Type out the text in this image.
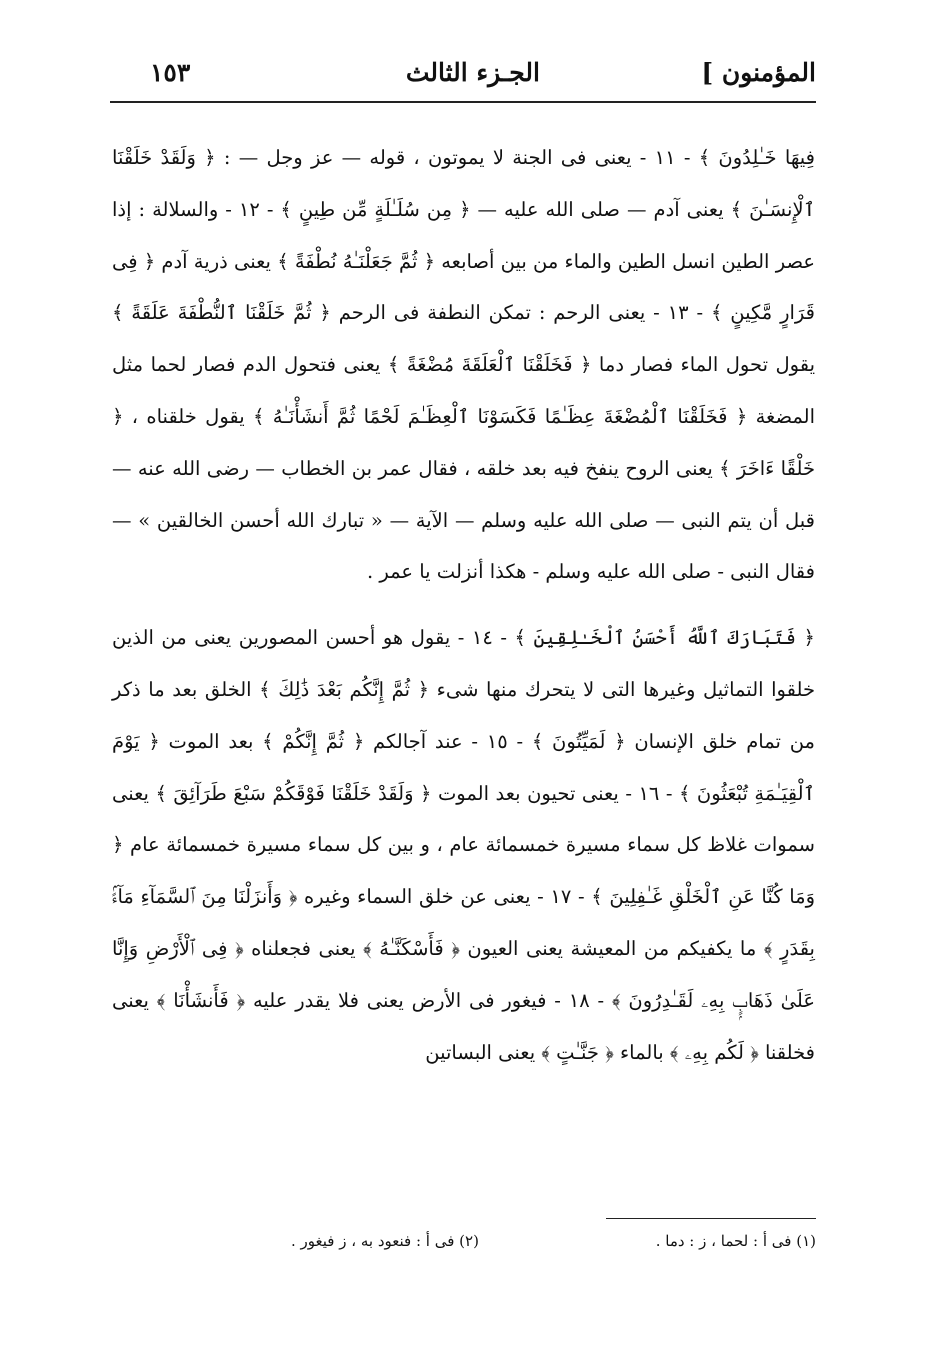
المؤمنون ]
الجـزء الثالث
١٥٣

فِيهَا خَـٰلِدُونَ ﴾ - ١١ - يعنى فى الجنة لا يموتون ، قوله — عز وجل — : ﴿ وَلَقَدْ خَلَقْنَا ٱلْإِنسَـٰنَ ﴾ يعنى آدم — صلى الله عليه — ﴿ مِن سُلَـٰلَةٍ مِّن طِينٍ ﴾ - ١٢ - والسلالة : إذا عصر الطين انسل الطين والماء من بين أصابعه ﴿ ثُمَّ جَعَلْنَـٰهُ نُطْفَةً ﴾ يعنى ذرية آدم ﴿ فِى قَرَارٍ مَّكِينٍ ﴾ - ١٣ - يعنى الرحم : تمكن النطفة فى الرحم ﴿ ثُمَّ خَلَقْنَا ٱلنُّطْفَةَ عَلَقَةً ﴾ يقول تحول الماء فصار دما ﴿ فَخَلَقْنَا ٱلْعَلَقَةَ مُضْغَةً ﴾ يعنى فتحول الدم فصار لحما مثل المضغة ﴿ فَخَلَقْنَا ٱلْمُضْغَةَ عِظَـٰمًا فَكَسَوْنَا ٱلْعِظَـٰمَ لَحْمًا ثُمَّ أَنشَأْنَـٰهُ ﴾ يقول خلقناه ، ﴿ خَلْقًا ءَاخَرَ ﴾ يعنى الروح ينفخ فيه بعد خلقه ، فقال عمر بن الخطاب — رضى الله عنه — قبل أن يتم النبى — صلى الله عليه وسلم — الآية — « تبارك الله أحسن الخالقين » — فقال النبى - صلى الله عليه وسلم - هكذا أنزلت يا عمر .

﴿ فَتَبَارَكَ ٱللَّهُ أَحْسَنُ ٱلْخَـٰلِقِينَ ﴾ - ١٤ - يقول هو أحسن المصورين يعنى من الذين خلقوا التماثيل وغيرها التى لا يتحرك منها شىء ﴿ ثُمَّ إِنَّكُم بَعْدَ ذَٰلِكَ ﴾ الخلق بعد ما ذكر من تمام خلق الإنسان ﴿ لَمَيِّتُونَ ﴾ - ١٥ - عند آجالكم ﴿ ثُمَّ إِنَّكُمْ ﴾ بعد الموت ﴿ يَوْمَ ٱلْقِيَـٰمَةِ تُبْعَثُونَ ﴾ - ١٦ - يعنى تحيون بعد الموت ﴿ وَلَقَدْ خَلَقْنَا فَوْقَكُمْ سَبْعَ طَرَآئِقَ ﴾ يعنى سموات غلاظ كل سماء مسيرة خمسمائة عام ، و بين كل سماء مسيرة خمسمائة عام ﴿ وَمَا كُنَّا عَنِ ٱلْخَلْقِ غَـٰفِلِينَ ﴾ - ١٧ - يعنى عن خلق السماء وغيره ﴿ وَأَنزَلْنَا مِنَ ٱلسَّمَآءِ مَآءًۢ بِقَدَرٍ ﴾ ما يكفيكم من المعيشة يعنى العيون ﴿ فَأَسْكَنَّـٰهُ ﴾ يعنى فجعلناه ﴿ فِى ٱلْأَرْضِ وَإِنَّا عَلَىٰ ذَهَابٍۭ بِهِۦ لَقَـٰدِرُونَ ﴾ - ١٨ - فيغور فى الأرض يعنى فلا يقدر عليه ﴿ فَأَنشَأْنَا ﴾ يعنى فخلقنا ﴿ لَكُم بِهِۦ ﴾ بالماء ﴿ جَنَّـٰتٍ ﴾ يعنى البساتين

(١) فى أ : لحما ، ز : دما . (٢) فى أ : فنعود به ، ز فيغور .
